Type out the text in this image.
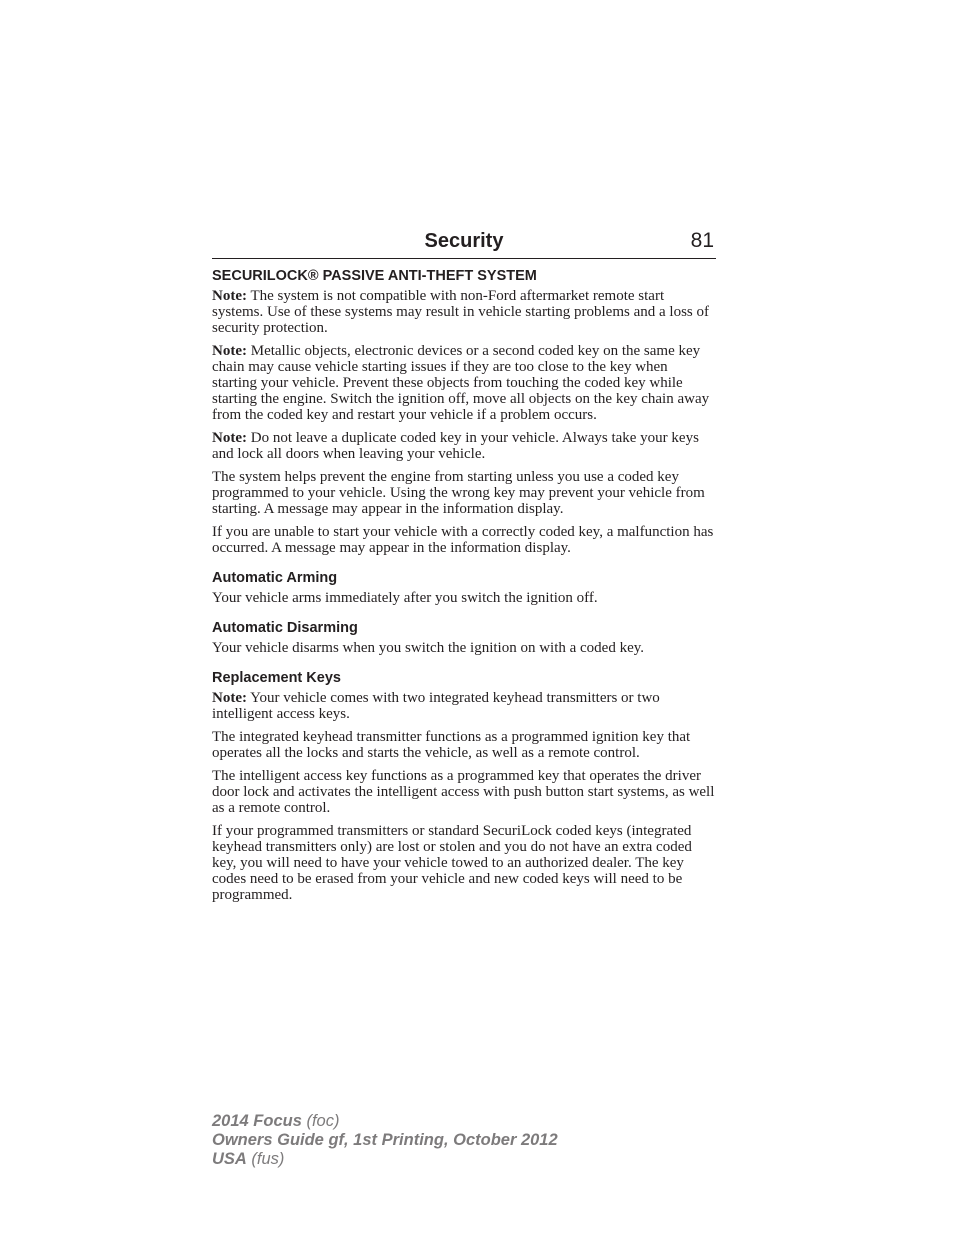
Security	81
SECURILOCK® PASSIVE ANTI-THEFT SYSTEM

Note: The system is not compatible with non-Ford aftermarket remote start systems. Use of these systems may result in vehicle starting problems and a loss of security protection.

Note: Metallic objects, electronic devices or a second coded key on the same key chain may cause vehicle starting issues if they are too close to the key when starting your vehicle. Prevent these objects from touching the coded key while starting the engine. Switch the ignition off, move all objects on the key chain away from the coded key and restart your vehicle if a problem occurs.

Note: Do not leave a duplicate coded key in your vehicle. Always take your keys and lock all doors when leaving your vehicle.

The system helps prevent the engine from starting unless you use a coded key programmed to your vehicle. Using the wrong key may prevent your vehicle from starting. A message may appear in the information display.

If you are unable to start your vehicle with a correctly coded key, a malfunction has occurred. A message may appear in the information display.

Automatic Arming

Your vehicle arms immediately after you switch the ignition off.

Automatic Disarming

Your vehicle disarms when you switch the ignition on with a coded key.

Replacement Keys

Note: Your vehicle comes with two integrated keyhead transmitters or two intelligent access keys.

The integrated keyhead transmitter functions as a programmed ignition key that operates all the locks and starts the vehicle, as well as a remote control.

The intelligent access key functions as a programmed key that operates the driver door lock and activates the intelligent access with push button start systems, as well as a remote control.

If your programmed transmitters or standard SecuriLock coded keys (integrated keyhead transmitters only) are lost or stolen and you do not have an extra coded key, you will need to have your vehicle towed to an authorized dealer. The key codes need to be erased from your vehicle and new coded keys will need to be programmed.

2014 Focus (foc)
Owners Guide gf, 1st Printing, October 2012
USA (fus)
